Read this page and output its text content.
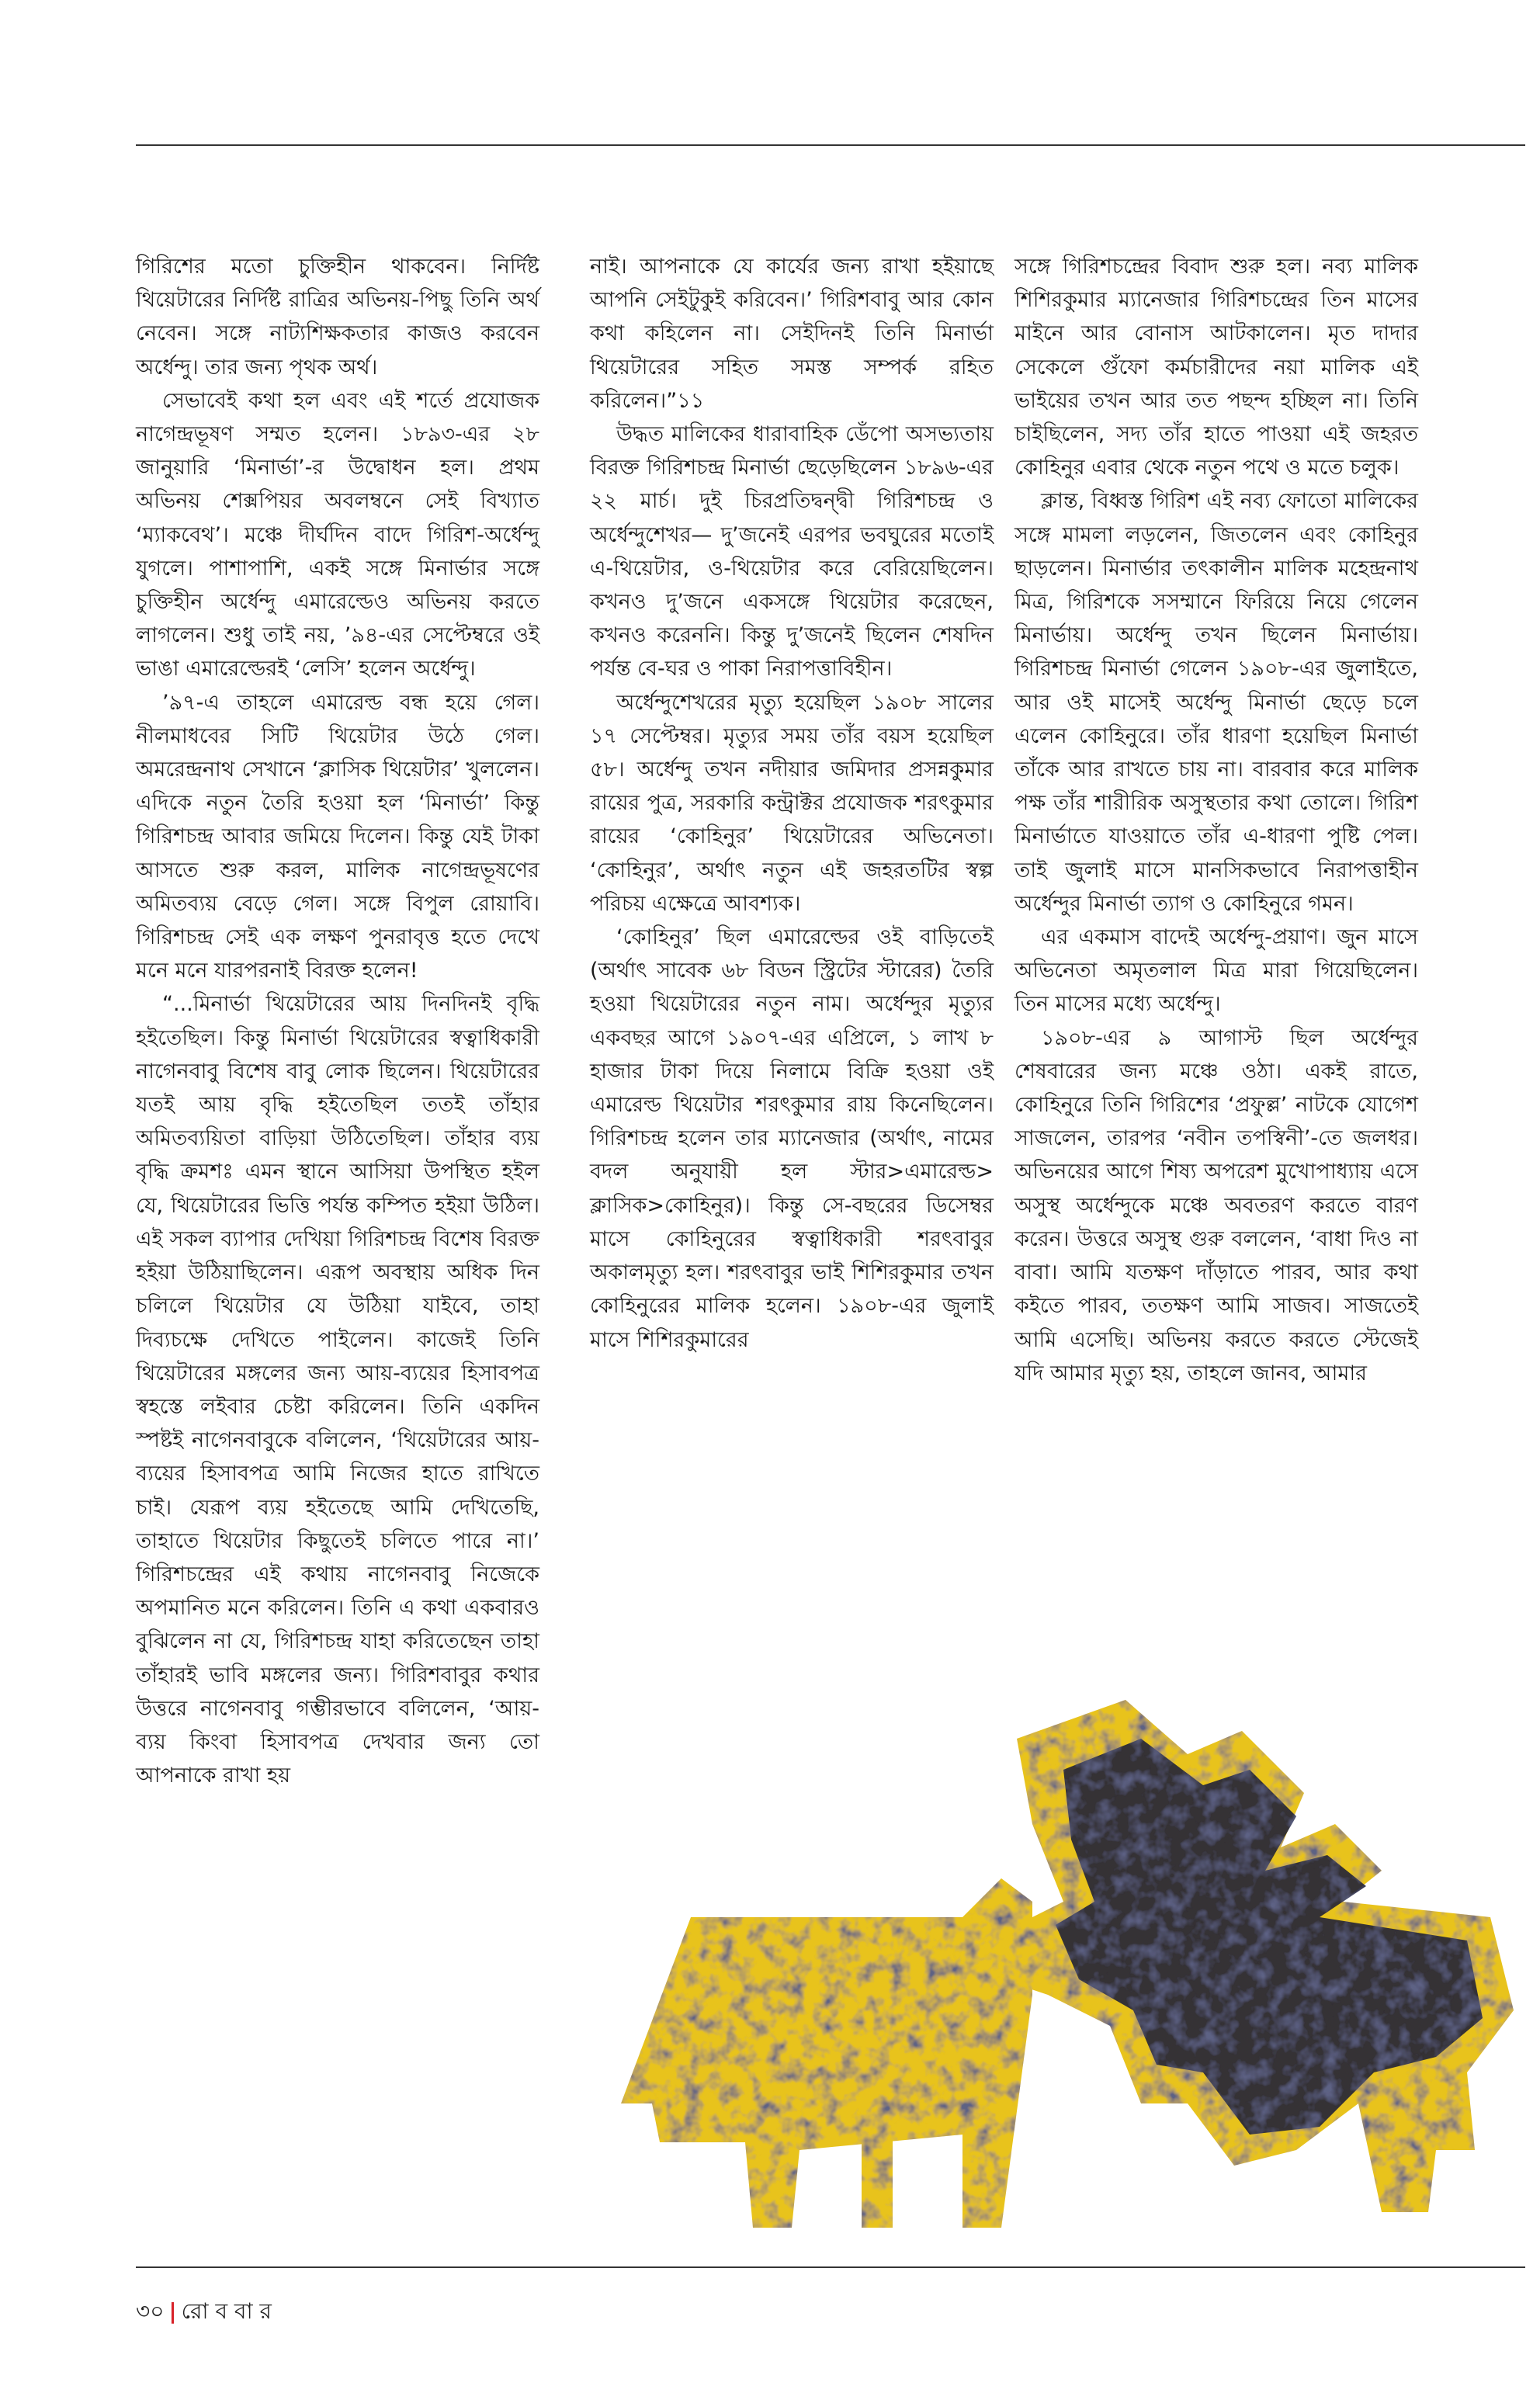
গিরিশের মতো চুক্তিহীন থাকবেন। নির্দিষ্ট থিয়েটারের নির্দিষ্ট রাত্রির অভিনয়-পিছু তিনি অর্থ নেবেন। সঙ্গে নাট্যশিক্ষকতার কাজও করবেন অর্ধেন্দু। তার জন্য পৃথক অর্থ।

সেভাবেই কথা হল এবং এই শর্তে প্রযোজক নাগেন্দ্রভূষণ সম্মত হলেন। ১৮৯৩-এর ২৮ জানুয়ারি ‘মিনার্ভা’-র উদ্বোধন হল। প্রথম অভিনয় শেক্সপিয়র অবলম্বনে সেই বিখ্যাত ‘ম্যাকবেথ’। মঞ্চে দীর্ঘদিন বাদে গিরিশ-অর্ধেন্দু যুগলে। পাশাপাশি, একই সঙ্গে মিনার্ভার সঙ্গে চুক্তিহীন অর্ধেন্দু এমারেল্ডেও অভিনয় করতে লাগলেন। শুধু তাই নয়, ’৯৪-এর সেপ্টেম্বরে ওই ভাঙা এমারেল্ডেরই ‘লেসি’ হলেন অর্ধেন্দু।

’৯৭-এ তাহলে এমারেল্ড বন্ধ হয়ে গেল। নীলমাধবের সিটি থিয়েটার উঠে গেল। অমরেন্দ্রনাথ সেখানে ‘ক্লাসিক থিয়েটার’ খুললেন। এদিকে নতুন তৈরি হওয়া হল ‘মিনার্ভা’ কিন্তু গিরিশচন্দ্র আবার জমিয়ে দিলেন। কিন্তু যেই টাকা আসতে শুরু করল, মালিক নাগেন্দ্রভূষণের অমিতব্যয় বেড়ে গেল। সঙ্গে বিপুল রোয়াবি। গিরিশচন্দ্র সেই এক লক্ষণ পুনরাবৃত্ত হতে দেখে মনে মনে যারপরনাই বিরক্ত হলেন!

“...মিনার্ভা থিয়েটারের আয় দিনদিনই বৃদ্ধি হইতেছিল। কিন্তু মিনার্ভা থিয়েটারের স্বত্বাধিকারী নাগেনবাবু বিশেষ বাবু লোক ছিলেন। থিয়েটারের যতই আয় বৃদ্ধি হইতেছিল ততই তাঁহার অমিতব্যয়িতা বাড়িয়া উঠিতেছিল। তাঁহার ব্যয় বৃদ্ধি ক্রমশঃ এমন স্থানে আসিয়া উপস্থিত হইল যে, থিয়েটারের ভিত্তি পর্যন্ত কম্পিত হইয়া উঠিল। এই সকল ব্যাপার দেখিয়া গিরিশচন্দ্র বিশেষ বিরক্ত হইয়া উঠিয়াছিলেন। এরূপ অবস্থায় অধিক দিন চলিলে থিয়েটার যে উঠিয়া যাইবে, তাহা দিব্যচক্ষে দেখিতে পাইলেন। কাজেই তিনি থিয়েটারের মঙ্গলের জন্য আয়-ব্যয়ের হিসাবপত্র স্বহস্তে লইবার চেষ্টা করিলেন। তিনি একদিন স্পষ্টই নাগেনবাবুকে বলিলেন, ‘থিয়েটারের আয়-ব্যয়ের হিসাবপত্র আমি নিজের হাতে রাখিতে চাই। যেরূপ ব্যয় হইতেছে আমি দেখিতেছি, তাহাতে থিয়েটার কিছুতেই চলিতে পারে না।’ গিরিশচন্দ্রের এই কথায় নাগেনবাবু নিজেকে অপমানিত মনে করিলেন। তিনি এ কথা একবারও বুঝিলেন না যে, গিরিশচন্দ্র যাহা করিতেছেন তাহা তাঁহারই ভাবি মঙ্গলের জন্য। গিরিশবাবুর কথার উত্তরে নাগেনবাবু গম্ভীরভাবে বলিলেন, ‘আয়-ব্যয় কিংবা হিসাবপত্র দেখবার জন্য তো আপনাকে রাখা হয়

নাই। আপনাকে যে কার্যের জন্য রাখা হইয়াছে আপনি সেইটুকুই করিবেন।’ গিরিশবাবু আর কোন কথা কহিলেন না। সেইদিনই তিনি মিনার্ভা থিয়েটারের সহিত সমস্ত সম্পর্ক রহিত করিলেন।”১১

উদ্ধত মালিকের ধারাবাহিক ডেঁপো অসভ্যতায় বিরক্ত গিরিশচন্দ্র মিনার্ভা ছেড়েছিলেন ১৮৯৬-এর ২২ মার্চ। দুই চিরপ্রতিদ্বন্দ্বী গিরিশচন্দ্র ও অর্ধেন্দুশেখর— দু’জনেই এরপর ভবঘুরের মতোই এ-থিয়েটার, ও-থিয়েটার করে বেরিয়েছিলেন। কখনও দু’জনে একসঙ্গে থিয়েটার করেছেন, কখনও করেননি। কিন্তু দু’জনেই ছিলেন শেষদিন পর্যন্ত বে-ঘর ও পাকা নিরাপত্তাবিহীন।

অর্ধেন্দুশেখরের মৃত্যু হয়েছিল ১৯০৮ সালের ১৭ সেপ্টেম্বর। মৃত্যুর সময় তাঁর বয়স হয়েছিল ৫৮। অর্ধেন্দু তখন নদীয়ার জমিদার প্রসন্নকুমার রায়ের পুত্র, সরকারি কন্ট্রাক্টর প্রযোজক শরৎকুমার রায়ের ‘কোহিনুর’ থিয়েটারের অভিনেতা। ‘কোহিনুর’, অর্থাৎ নতুন এই জহরতটির স্বল্প পরিচয় এক্ষেত্রে আবশ্যক।

‘কোহিনুর’ ছিল এমারেল্ডের ওই বাড়িতেই (অর্থাৎ সাবেক ৬৮ বিডন স্ট্রিটের স্টারের) তৈরি হওয়া থিয়েটারের নতুন নাম। অর্ধেন্দুর মৃত্যুর একবছর আগে ১৯০৭-এর এপ্রিলে, ১ লাখ ৮ হাজার টাকা দিয়ে নিলামে বিক্রি হওয়া ওই এমারেল্ড থিয়েটার শরৎকুমার রায় কিনেছিলেন। গিরিশচন্দ্র হলেন তার ম্যানেজার (অর্থাৎ, নামের বদল অনুযায়ী হল স্টার>এমারেল্ড> ক্লাসিক>কোহিনুর)। কিন্তু সে-বছরের ডিসেম্বর মাসে কোহিনুরের স্বত্বাধিকারী শরৎবাবুর অকালমৃত্যু হল। শরৎবাবুর ভাই শিশিরকুমার তখন কোহিনুরের মালিক হলেন। ১৯০৮-এর জুলাই মাসে শিশিরকুমারের

সঙ্গে গিরিশচন্দ্রের বিবাদ শুরু হল। নব্য মালিক শিশিরকুমার ম্যানেজার গিরিশচন্দ্রের তিন মাসের মাইনে আর বোনাস আটকালেন। মৃত দাদার সেকেলে গুঁফো কর্মচারীদের নয়া মালিক এই ভাইয়ের তখন আর তত পছন্দ হচ্ছিল না। তিনি চাইছিলেন, সদ্য তাঁর হাতে পাওয়া এই জহরত কোহিনুর এবার থেকে নতুন পথে ও মতে চলুক।

ক্লান্ত, বিধ্বস্ত গিরিশ এই নব্য ফোতো মালিকের সঙ্গে মামলা লড়লেন, জিতলেন এবং কোহিনুর ছাড়লেন। মিনার্ভার তৎকালীন মালিক মহেন্দ্রনাথ মিত্র, গিরিশকে সসম্মানে ফিরিয়ে নিয়ে গেলেন মিনার্ভায়। অর্ধেন্দু তখন ছিলেন মিনার্ভায়। গিরিশচন্দ্র মিনার্ভা গেলেন ১৯০৮-এর জুলাইতে, আর ওই মাসেই অর্ধেন্দু মিনার্ভা ছেড়ে চলে এলেন কোহিনুরে। তাঁর ধারণা হয়েছিল মিনার্ভা তাঁকে আর রাখতে চায় না। বারবার করে মালিক পক্ষ তাঁর শারীরিক অসুস্থতার কথা তোলে। গিরিশ মিনার্ভাতে যাওয়াতে তাঁর এ-ধারণা পুষ্টি পেল। তাই জুলাই মাসে মানসিকভাবে নিরাপত্তাহীন অর্ধেন্দুর মিনার্ভা ত্যাগ ও কোহিনুরে গমন।

এর একমাস বাদেই অর্ধেন্দু-প্রয়াণ। জুন মাসে অভিনেতা অমৃতলাল মিত্র মারা গিয়েছিলেন। তিন মাসের মধ্যে অর্ধেন্দু।

১৯০৮-এর ৯ আগাস্ট ছিল অর্ধেন্দুর শেষবারের জন্য মঞ্চে ওঠা। একই রাতে, কোহিনুরে তিনি গিরিশের ‘প্রফুল্ল’ নাটকে যোগেশ সাজলেন, তারপর ‘নবীন তপস্বিনী’-তে জলধর। অভিনয়ের আগে শিষ্য অপরেশ মুখোপাধ্যায় এসে অসুস্থ অর্ধেন্দুকে মঞ্চে অবতরণ করতে বারণ করেন। উত্তরে অসুস্থ গুরু বললেন, ‘বাধা দিও না বাবা। আমি যতক্ষণ দাঁড়াতে পারব, আর কথা কইতে পারব, ততক্ষণ আমি সাজব। সাজতেই আমি এসেছি। অভিনয় করতে করতে স্টেজেই যদি আমার মৃত্যু হয়, তাহলে জানব, আমার

৩০ | রো ব বা র
